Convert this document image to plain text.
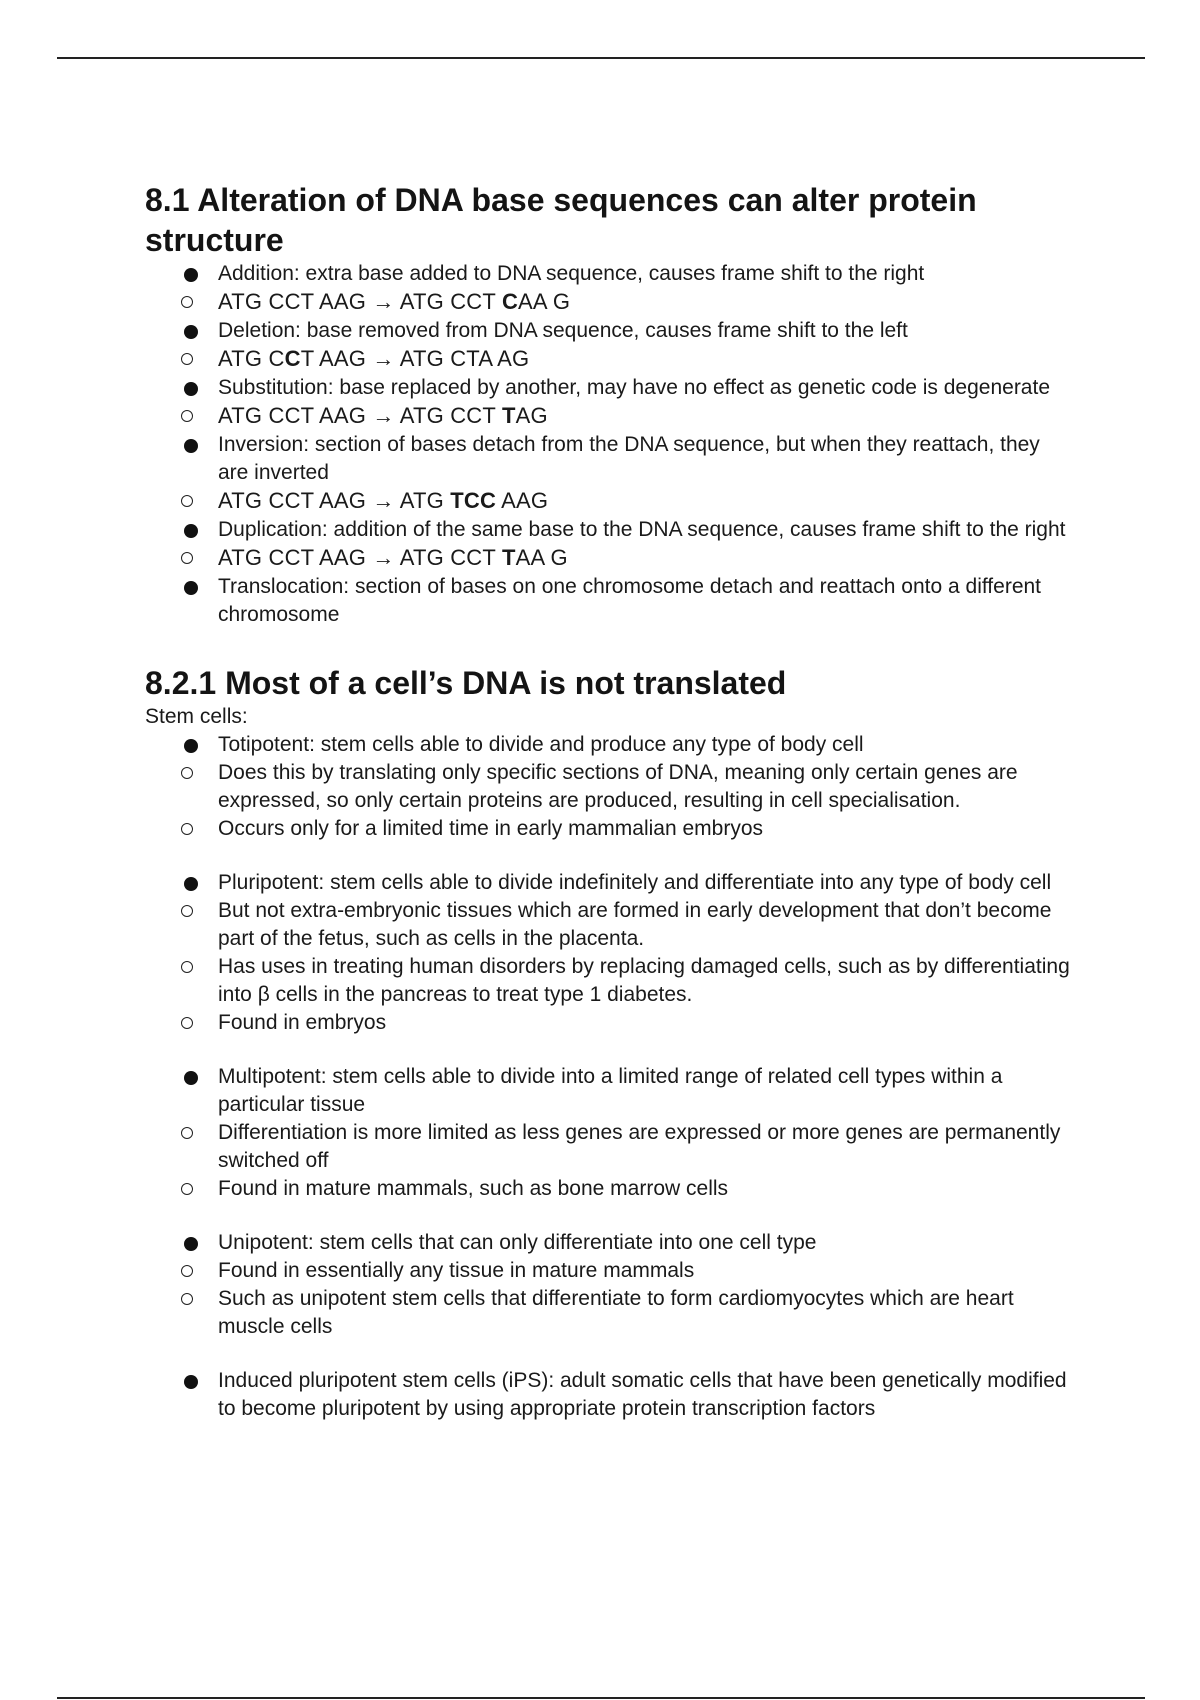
8.1 Alteration of DNA base sequences can alter protein structure
Addition: extra base added to DNA sequence, causes frame shift to the right
ATG CCT AAG → ATG CCT CAA G
Deletion: base removed from DNA sequence, causes frame shift to the left
ATG CCT AAG → ATG CTA AG
Substitution: base replaced by another, may have no effect as genetic code is degenerate
ATG CCT AAG → ATG CCT TAG
Inversion: section of bases detach from the DNA sequence, but when they reattach, they are inverted
ATG CCT AAG → ATG TCC AAG
Duplication: addition of the same base to the DNA sequence, causes frame shift to the right
ATG CCT AAG → ATG CCT TAA G
Translocation: section of bases on one chromosome detach and reattach onto a different chromosome
8.2.1 Most of a cell’s DNA is not translated

Stem cells:

Totipotent: stem cells able to divide and produce any type of body cell
Does this by translating only specific sections of DNA, meaning only certain genes are expressed, so only certain proteins are produced, resulting in cell specialisation.
Occurs only for a limited time in early mammalian embryos
Pluripotent: stem cells able to divide indefinitely and differentiate into any type of body cell
But not extra-embryonic tissues which are formed in early development that don’t become part of the fetus, such as cells in the placenta.
Has uses in treating human disorders by replacing damaged cells, such as by differentiating into β cells in the pancreas to treat type 1 diabetes.
Found in embryos
Multipotent: stem cells able to divide into a limited range of related cell types within a particular tissue
Differentiation is more limited as less genes are expressed or more genes are permanently switched off
Found in mature mammals, such as bone marrow cells
Unipotent: stem cells that can only differentiate into one cell type
Found in essentially any tissue in mature mammals
Such as unipotent stem cells that differentiate to form cardiomyocytes which are heart muscle cells
Induced pluripotent stem cells (iPS): adult somatic cells that have been genetically modified to become pluripotent by using appropriate protein transcription factors
